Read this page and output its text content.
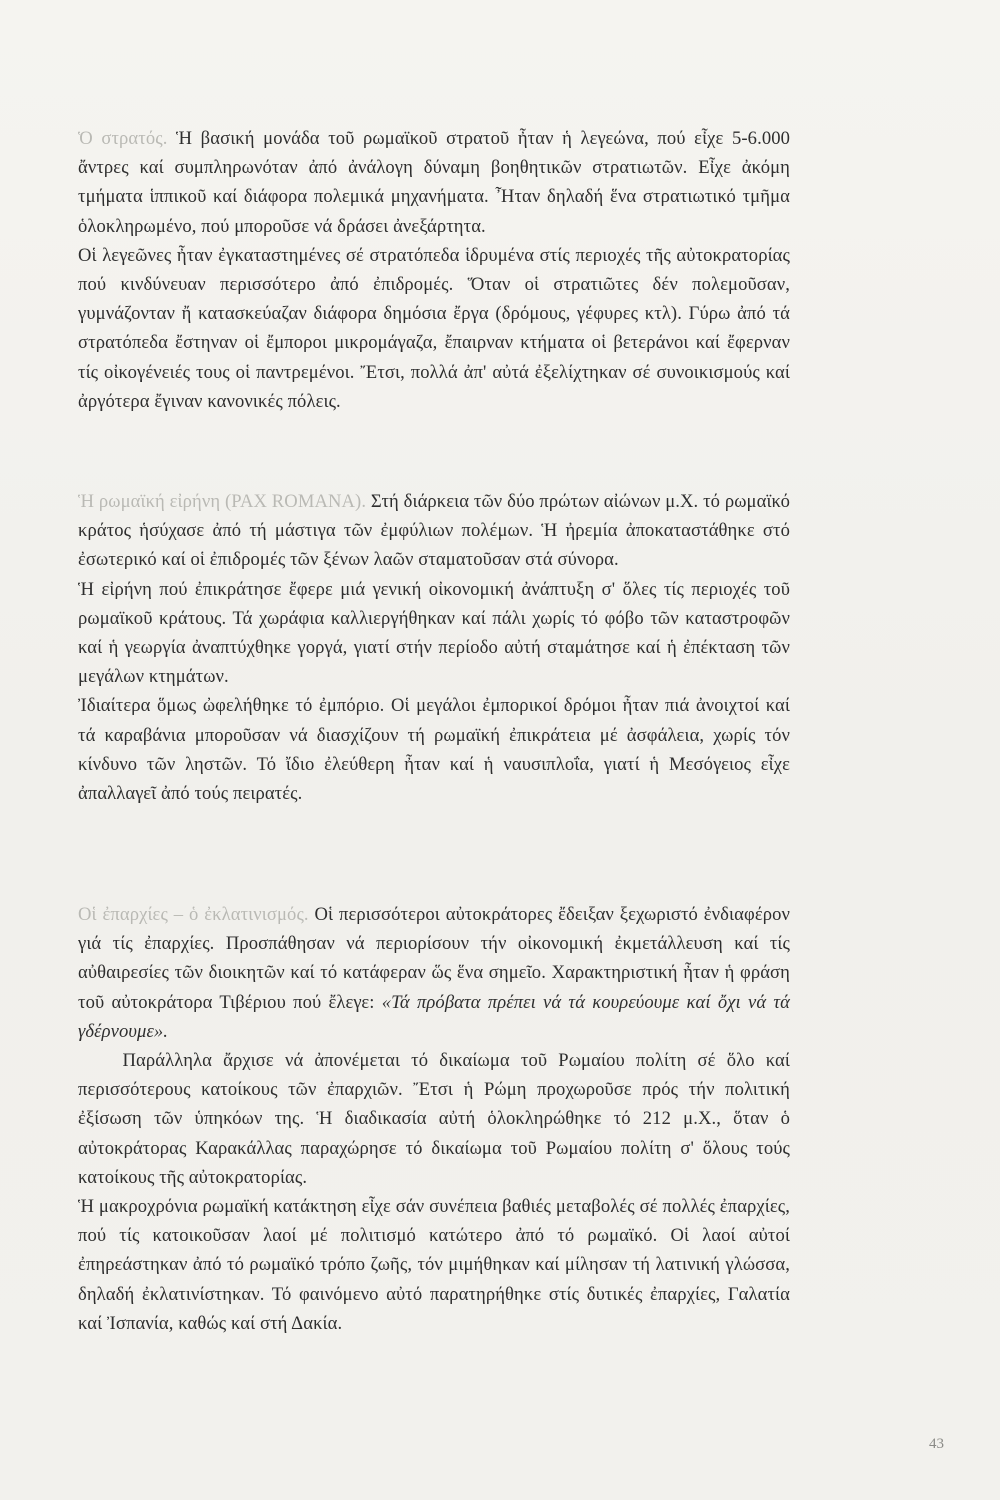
Ὁ στρατός. Ἡ βασική μονάδα τοῦ ρωμαϊκοῦ στρατοῦ ἦταν ἡ λεγεώνα, πού εἶχε 5-6.000 ἄντρες καί συμπληρωνόταν ἀπό ἀνάλογη δύναμη βοηθητικῶν στρατιωτῶν. Εἶχε ἀκόμη τμήματα ἱππικοῦ καί διάφορα πολεμικά μηχανήματα. Ἦταν δηλαδή ἕνα στρατιωτικό τμῆμα ὁλοκληρωμένο, πού μποροῦσε νά δράσει ἀνεξάρτητα.

Οἱ λεγεῶνες ἦταν ἐγκαταστημένες σέ στρατόπεδα ἱδρυμένα στίς περιοχές τῆς αὐτοκρατορίας πού κινδύνευαν περισσότερο ἀπό ἐπιδρομές. Ὅταν οἱ στρατιῶτες δέν πολεμοῦσαν, γυμνάζονταν ἤ κατασκεύαζαν διάφορα δημόσια ἔργα (δρόμους, γέφυρες κτλ). Γύρω ἀπό τά στρατόπεδα ἔστηναν οἱ ἔμποροι μικρομάγαζα, ἔπαιρναν κτήματα οἱ βετεράνοι καί ἔφερναν τίς οἰκογένειές τους οἱ παντρεμένοι. Ἔτσι, πολλά ἀπ' αὐτά ἐξελίχτηκαν σέ συνοικισμούς καί ἀργότερα ἔγιναν κανονικές πόλεις.

Ἡ ρωμαϊκή εἰρήνη (PAX ROMANA). Στή διάρκεια τῶν δύο πρώτων αἰώνων μ.Χ. τό ρωμαϊκό κράτος ἡσύχασε ἀπό τή μάστιγα τῶν ἐμφύλιων πολέμων. Ἡ ἠρεμία ἀποκαταστάθηκε στό ἐσωτερικό καί οἱ ἐπιδρομές τῶν ξένων λαῶν σταματοῦσαν στά σύνορα.

Ἡ εἰρήνη πού ἐπικράτησε ἔφερε μιά γενική οἰκονομική ἀνάπτυξη σ' ὅλες τίς περιοχές τοῦ ρωμαϊκοῦ κράτους. Τά χωράφια καλλιεργήθηκαν καί πάλι χωρίς τό φόβο τῶν καταστροφῶν καί ἡ γεωργία ἀναπτύχθηκε γοργά, γιατί στήν περίοδο αὐτή σταμάτησε καί ἡ ἐπέκταση τῶν μεγάλων κτημάτων.

Ἰδιαίτερα ὅμως ὠφελήθηκε τό ἐμπόριο. Οἱ μεγάλοι ἐμπορικοί δρόμοι ἦταν πιά ἀνοιχτοί καί τά καραβάνια μποροῦσαν νά διασχίζουν τή ρωμαϊκή ἐπικράτεια μέ ἀσφάλεια, χωρίς τόν κίνδυνο τῶν ληστῶν. Τό ἴδιο ἐλεύθερη ἦταν καί ἡ ναυσιπλοΐα, γιατί ἡ Μεσόγειος εἶχε ἀπαλλαγεῖ ἀπό τούς πειρατές.

Οἱ ἐπαρχίες – ὁ ἐκλατινισμός. Οἱ περισσότεροι αὐτοκράτορες ἔδειξαν ξεχωριστό ἐνδιαφέρον γιά τίς ἐπαρχίες. Προσπάθησαν νά περιορίσουν τήν οἰκονομική ἐκμετάλλευση καί τίς αὐθαιρεσίες τῶν διοικητῶν καί τό κατάφεραν ὥς ἕνα σημεῖο. Χαρακτηριστική ἦταν ἡ φράση τοῦ αὐτοκράτορα Τιβέριου πού ἔλεγε: «Τά πρόβατα πρέπει νά τά κουρεύουμε καί ὄχι νά τά γδέρνουμε».

Παράλληλα ἄρχισε νά ἀπονέμεται τό δικαίωμα τοῦ Ρωμαίου πολίτη σέ ὅλο καί περισσότερους κατοίκους τῶν ἐπαρχιῶν. Ἔτσι ἡ Ρώμη προχωροῦσε πρός τήν πολιτική ἐξίσωση τῶν ὑπηκόων της. Ἡ διαδικασία αὐτή ὁλοκληρώθηκε τό 212 μ.Χ., ὅταν ὁ αὐτοκράτορας Καρακάλλας παραχώρησε τό δικαίωμα τοῦ Ρωμαίου πολίτη σ' ὅλους τούς κατοίκους τῆς αὐτοκρατορίας.

Ἡ μακροχρόνια ρωμαϊκή κατάκτηση εἶχε σάν συνέπεια βαθιές μεταβολές σέ πολλές ἐπαρχίες, πού τίς κατοικοῦσαν λαοί μέ πολιτισμό κατώτερο ἀπό τό ρωμαϊκό. Οἱ λαοί αὐτοί ἐπηρεάστηκαν ἀπό τό ρωμαϊκό τρόπο ζωῆς, τόν μιμήθηκαν καί μίλησαν τή λατινική γλώσσα, δηλαδή ἐκλατινίστηκαν. Τό φαινόμενο αὐτό παρατηρήθηκε στίς δυτικές ἐπαρχίες, Γαλατία καί Ἰσπανία, καθώς καί στή Δακία.

43
